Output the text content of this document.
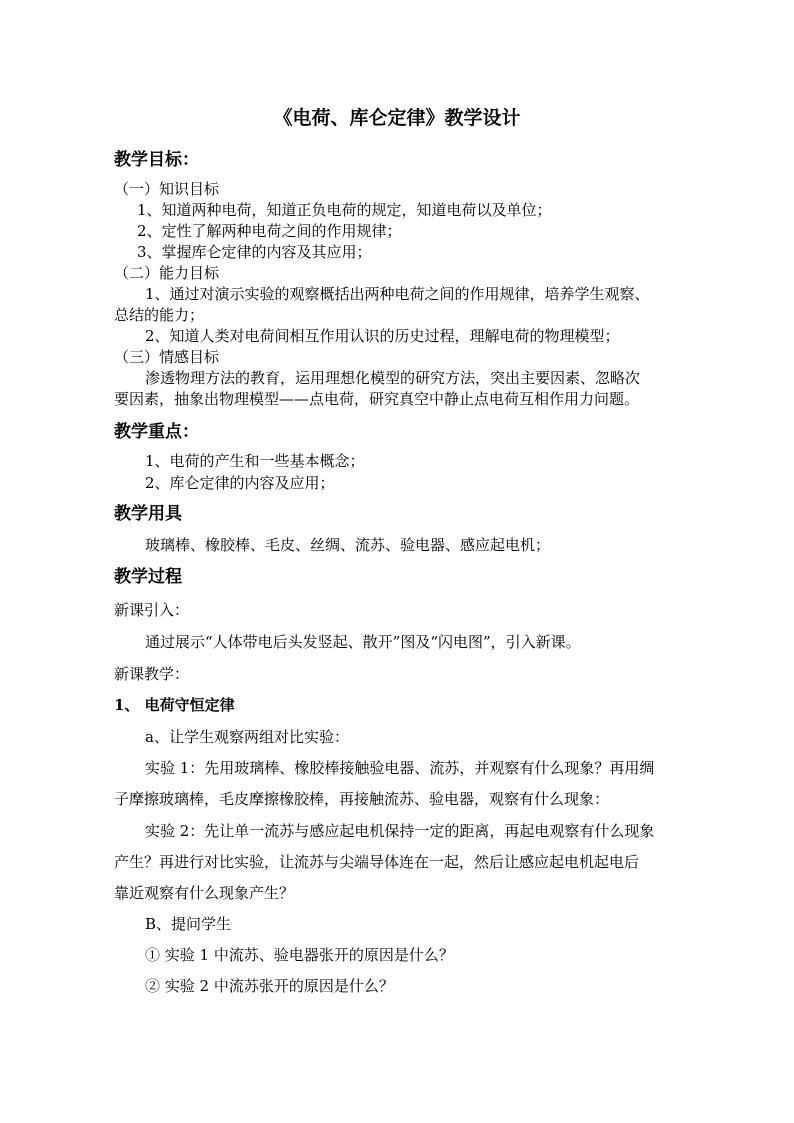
《电荷、库仑定律》教学设计
教学目标：
（一）知识目标
1、知道两种电荷，知道正负电荷的规定，知道电荷以及单位；
2、定性了解两种电荷之间的作用规律；
3、掌握库仑定律的内容及其应用；
（二）能力目标
1、通过对演示实验的观察概括出两种电荷之间的作用规律，培养学生观察、
总结的能力；
2、知道人类对电荷间相互作用认识的历史过程，理解电荷的物理模型；
（三）情感目标
渗透物理方法的教育，运用理想化模型的研究方法，突出主要因素、忽略次
要因素，抽象出物理模型——点电荷，研究真空中静止点电荷互相作用力问题。
教学重点：
1、电荷的产生和一些基本概念；
2、库仑定律的内容及应用；
教学用具
玻璃棒、橡胶棒、毛皮、丝绸、流苏、验电器、感应起电机；
教学过程
新课引入：
通过展示“人体带电后头发竖起、散开”图及“闪电图”，引入新课。
新课教学：
1、 电荷守恒定律
a、让学生观察两组对比实验：
实验 1：先用玻璃棒、橡胶棒接触验电器、流苏，并观察有什么现象？再用绸
子摩擦玻璃棒，毛皮摩擦橡胶棒，再接触流苏、验电器，观察有什么现象：
实验 2：先让单一流苏与感应起电机保持一定的距离，再起电观察有什么现象
产生？再进行对比实验，让流苏与尖端导体连在一起，然后让感应起电机起电后
靠近观察有什么现象产生？
B、提问学生
① 实验 1 中流苏、验电器张开的原因是什么？
② 实验 2 中流苏张开的原因是什么？
